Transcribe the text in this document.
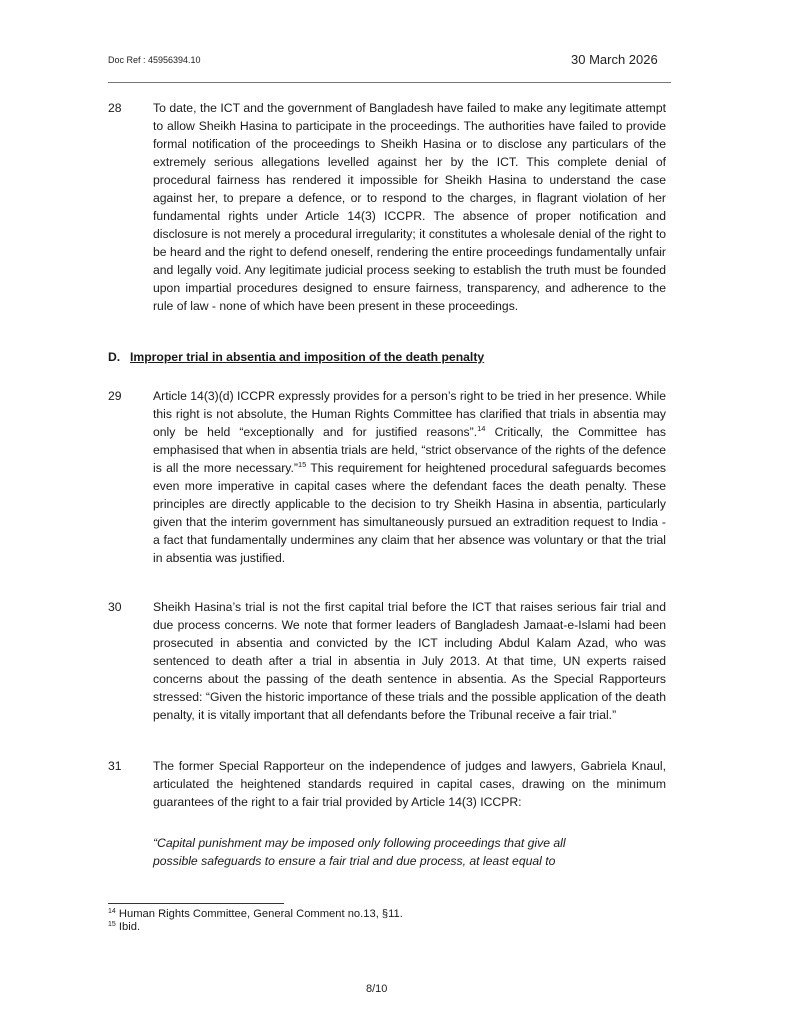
Doc Ref : 45956394.10	30 March 2026
28	To date, the ICT and the government of Bangladesh have failed to make any legitimate attempt to allow Sheikh Hasina to participate in the proceedings. The authorities have failed to provide formal notification of the proceedings to Sheikh Hasina or to disclose any particulars of the extremely serious allegations levelled against her by the ICT. This complete denial of procedural fairness has rendered it impossible for Sheikh Hasina to understand the case against her, to prepare a defence, or to respond to the charges, in flagrant violation of her fundamental rights under Article 14(3) ICCPR. The absence of proper notification and disclosure is not merely a procedural irregularity; it constitutes a wholesale denial of the right to be heard and the right to defend oneself, rendering the entire proceedings fundamentally unfair and legally void. Any legitimate judicial process seeking to establish the truth must be founded upon impartial procedures designed to ensure fairness, transparency, and adherence to the rule of law - none of which have been present in these proceedings.
D. Improper trial in absentia and imposition of the death penalty
29	Article 14(3)(d) ICCPR expressly provides for a person’s right to be tried in her presence. While this right is not absolute, the Human Rights Committee has clarified that trials in absentia may only be held “exceptionally and for justified reasons”.$^{14}$ Critically, the Committee has emphasised that when in absentia trials are held, “strict observance of the rights of the defence is all the more necessary.”$^{15}$ This requirement for heightened procedural safeguards becomes even more imperative in capital cases where the defendant faces the death penalty. These principles are directly applicable to the decision to try Sheikh Hasina in absentia, particularly given that the interim government has simultaneously pursued an extradition request to India - a fact that fundamentally undermines any claim that her absence was voluntary or that the trial in absentia was justified.
30	Sheikh Hasina’s trial is not the first capital trial before the ICT that raises serious fair trial and due process concerns. We note that former leaders of Bangladesh Jamaat-e-Islami had been prosecuted in absentia and convicted by the ICT including Abdul Kalam Azad, who was sentenced to death after a trial in absentia in July 2013. At that time, UN experts raised concerns about the passing of the death sentence in absentia. As the Special Rapporteurs stressed: “Given the historic importance of these trials and the possible application of the death penalty, it is vitally important that all defendants before the Tribunal receive a fair trial.”
31	The former Special Rapporteur on the independence of judges and lawyers, Gabriela Knaul, articulated the heightened standards required in capital cases, drawing on the minimum guarantees of the right to a fair trial provided by Article 14(3) ICCPR:
“Capital punishment may be imposed only following proceedings that give all
possible safeguards to ensure a fair trial and due process, at least equal to
$^{14}$ Human Rights Committee, General Comment no.13, §11.
$^{15}$ Ibid.
8/10
